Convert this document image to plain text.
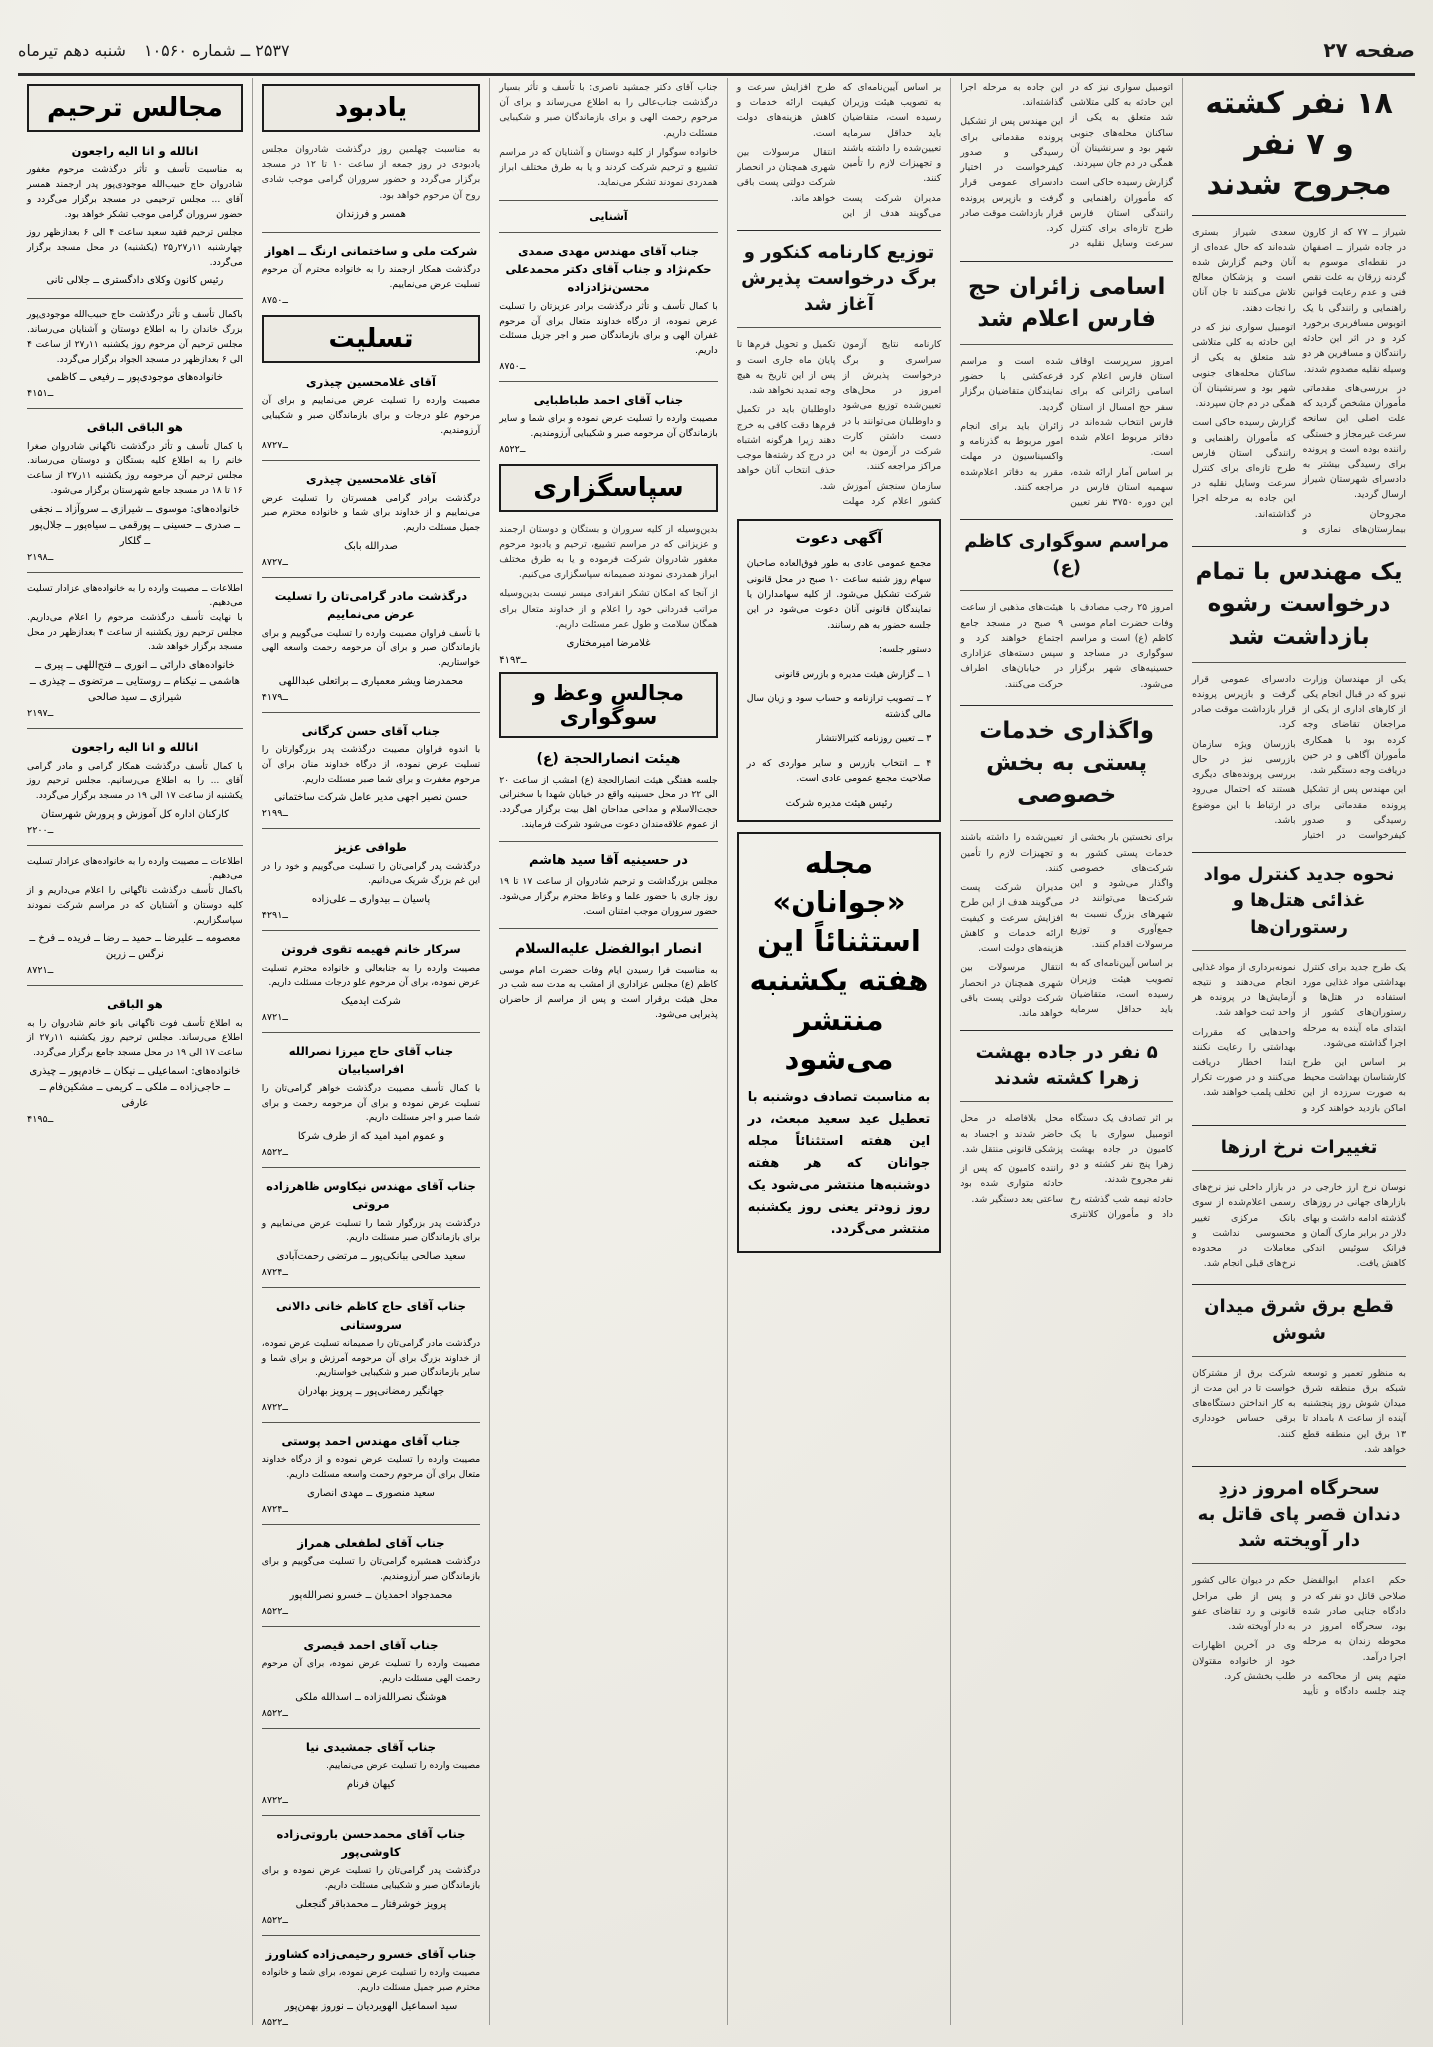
صفحه ۲۷
۲۵۳۷ ــ شماره ۱۰۵۶۰
شنبه دهم تیرماه
۱۸ نفر کشته و ۷ نفر مجروح شدند

شیراز ــ ۷۷ که از کارون در جاده شیراز ــ اصفهان در نقطه‌ای موسوم به گردنه زرقان به علت نقص فنی و عدم رعایت قوانین راهنمایی و رانندگی با یک اتوبوس مسافربری برخورد کرد و در اثر این حادثه رانندگان و مسافرین هر دو وسیله نقلیه مصدوم شدند.

در بررسی‌های مقدماتی مأموران مشخص گردید که علت اصلی این سانحه سرعت غیرمجاز و خستگی راننده بوده است و پرونده برای رسیدگی بیشتر به دادسرای شهرستان شیراز ارسال گردید.

مجروحان در بیمارستان‌های نمازی و سعدی شیراز بستری شده‌اند که حال عده‌ای از آنان وخیم گزارش شده است و پزشکان معالج تلاش می‌کنند تا جان آنان را نجات دهند.

اتومبیل سواری نیز که در این حادثه به کلی متلاشی شد متعلق به یکی از ساکنان محله‌های جنوبی شهر بود و سرنشینان آن همگی در دم جان سپردند.

گزارش رسیده حاکی است که مأموران راهنمایی و رانندگی استان فارس طرح تازه‌ای برای کنترل سرعت وسایل نقلیه در این جاده به مرحله اجرا گذاشته‌اند.

یک مهندس با تمام درخواست رشوه بازداشت شد

یکی از مهندسان وزارت نیرو که در قبال انجام یکی از کارهای اداری از یکی از مراجعان تقاضای وجه کرده بود با همکاری مأموران آگاهی و در حین دریافت وجه دستگیر شد.

این مهندس پس از تشکیل پرونده مقدماتی برای رسیدگی و صدور کیفرخواست در اختیار دادسرای عمومی قرار گرفت و بازپرس پرونده قرار بازداشت موقت صادر کرد.

بازرسان ویژه سازمان بازرسی نیز در حال بررسی پرونده‌های دیگری هستند که احتمال می‌رود در ارتباط با این موضوع باشد.

نحوه جدید کنترل مواد غذائی هتل‌ها و رستوران‌ها

یک طرح جدید برای کنترل بهداشتی مواد غذایی مورد استفاده در هتل‌ها و رستوران‌های کشور از ابتدای ماه آینده به مرحله اجرا گذاشته می‌شود.

بر اساس این طرح کارشناسان بهداشت محیط به صورت سرزده از این اماکن بازدید خواهند کرد و نمونه‌برداری از مواد غذایی انجام می‌دهند و نتیجه آزمایش‌ها در پرونده هر واحد ثبت خواهد شد.

واحدهایی که مقررات بهداشتی را رعایت نکنند ابتدا اخطار دریافت می‌کنند و در صورت تکرار تخلف پلمب خواهند شد.

تغییرات نرخ ارزها

نوسان نرخ ارز خارجی در بازارهای جهانی در روزهای گذشته ادامه داشت و بهای دلار در برابر مارک آلمان و فرانک سوئیس اندکی کاهش یافت.

در بازار داخلی نیز نرخ‌های رسمی اعلام‌شده از سوی بانک مرکزی تغییر محسوسی نداشت و معاملات در محدوده نرخ‌های قبلی انجام شد.

قطع برق شرق میدان شوش

به منظور تعمیر و توسعه شبکه برق منطقه شرق میدان شوش روز پنجشنبه آینده از ساعت ۸ بامداد تا ۱۳ برق این منطقه قطع خواهد شد.

شرکت برق از مشترکان خواست تا در این مدت از به کار انداختن دستگاه‌های برقی حساس خودداری کنند.

سحرگاه امروز دزدِ دندان قصر پای قاتل به دار آویخته شد

حکم اعدام ابوالفضل صلاحی قاتل دو نفر که در دادگاه جنایی صادر شده بود، سحرگاه امروز در محوطه زندان به مرحله اجرا درآمد.

متهم پس از محاکمه در چند جلسه دادگاه و تأیید حکم در دیوان عالی کشور و پس از طی مراحل قانونی و رد تقاضای عفو به دار آویخته شد.

وی در آخرین اظهارات خود از خانواده مقتولان طلب بخشش کرد.

اتومبیل سواری نیز که در این حادثه به کلی متلاشی شد متعلق به یکی از ساکنان محله‌های جنوبی شهر بود و سرنشینان آن همگی در دم جان سپردند.

گزارش رسیده حاکی است که مأموران راهنمایی و رانندگی استان فارس طرح تازه‌ای برای کنترل سرعت وسایل نقلیه در این جاده به مرحله اجرا گذاشته‌اند.

این مهندس پس از تشکیل پرونده مقدماتی برای رسیدگی و صدور کیفرخواست در اختیار دادسرای عمومی قرار گرفت و بازپرس پرونده قرار بازداشت موقت صادر کرد.

اسامی زائران حج فارس اعلام شد

امروز سرپرست اوقاف استان فارس اعلام کرد اسامی زائرانی که برای سفر حج امسال از استان فارس انتخاب شده‌اند در دفاتر مربوط اعلام شده است.

بر اساس آمار ارائه شده، سهمیه استان فارس در این دوره ۳۷۵۰ نفر تعیین شده است و مراسم قرعه‌کشی با حضور نمایندگان متقاضیان برگزار گردید.

زائران باید برای انجام امور مربوط به گذرنامه و واکسیناسیون در مهلت مقرر به دفاتر اعلام‌شده مراجعه کنند.

مراسم سوگواری کاظم (ع)

امروز ۲۵ رجب مصادف با وفات حضرت امام موسی کاظم (ع) است و مراسم سوگواری در مساجد و حسینیه‌های شهر برگزار می‌شود.

هیئت‌های مذهبی از ساعت ۹ صبح در مسجد جامع اجتماع خواهند کرد و سپس دسته‌های عزاداری در خیابان‌های اطراف حرکت می‌کنند.

واگذاری خدمات پستی به بخش خصوصی

برای نخستین بار بخشی از خدمات پستی کشور به شرکت‌های خصوصی واگذار می‌شود و این شرکت‌ها می‌توانند در شهرهای بزرگ نسبت به جمع‌آوری و توزیع مرسولات اقدام کنند.

بر اساس آیین‌نامه‌ای که به تصویب هیئت وزیران رسیده است، متقاضیان باید حداقل سرمایه تعیین‌شده را داشته باشند و تجهیزات لازم را تأمین کنند.

مدیران شرکت پست می‌گویند هدف از این طرح افزایش سرعت و کیفیت ارائه خدمات و کاهش هزینه‌های دولت است.

انتقال مرسولات بین شهری همچنان در انحصار شرکت دولتی پست باقی خواهد ماند.

۵ نفر در جاده بهشت زهرا کشته شدند

بر اثر تصادف یک دستگاه اتومبیل سواری با یک کامیون در جاده بهشت زهرا پنج نفر کشته و دو نفر مجروح شدند.

حادثه نیمه شب گذشته رخ داد و مأموران کلانتری محل بلافاصله در محل حاضر شدند و اجساد به پزشکی قانونی منتقل شد.

راننده کامیون که پس از حادثه متواری شده بود ساعتی بعد دستگیر شد.

بر اساس آیین‌نامه‌ای که به تصویب هیئت وزیران رسیده است، متقاضیان باید حداقل سرمایه تعیین‌شده را داشته باشند و تجهیزات لازم را تأمین کنند.

مدیران شرکت پست می‌گویند هدف از این طرح افزایش سرعت و کیفیت ارائه خدمات و کاهش هزینه‌های دولت است.

انتقال مرسولات بین شهری همچنان در انحصار شرکت دولتی پست باقی خواهد ماند.

توزیع کارنامه کنکور و برگ درخواست پذیرش آغاز شد

کارنامه نتایج آزمون سراسری و برگ درخواست پذیرش از امروز در محل‌های تعیین‌شده توزیع می‌شود و داوطلبان می‌توانند با در دست داشتن کارت شرکت در آزمون به این مراکز مراجعه کنند.

سازمان سنجش آموزش کشور اعلام کرد مهلت تکمیل و تحویل فرم‌ها تا پایان ماه جاری است و پس از این تاریخ به هیچ وجه تمدید نخواهد شد.

داوطلبان باید در تکمیل فرم‌ها دقت کافی به خرج دهند زیرا هرگونه اشتباه در درج کد رشته‌ها موجب حذف انتخاب آنان خواهد شد.

آگهی دعوت

مجمع عمومی عادی به طور فوق‌العاده صاحبان سهام روز شنبه ساعت ۱۰ صبح در محل قانونی شرکت تشکیل می‌شود. از کلیه سهامداران یا نمایندگان قانونی آنان دعوت می‌شود در این جلسه حضور به هم رسانند.

دستور جلسه:

۱ ــ گزارش هیئت مدیره و بازرس قانونی

۲ ــ تصویب ترازنامه و حساب سود و زیان سال مالی گذشته

۳ ــ تعیین روزنامه کثیرالانتشار

۴ ــ انتخاب بازرس و سایر مواردی که در صلاحیت مجمع عمومی عادی است.

رئیس هیئت مدیره شرکت
مجله «جوانان» استثنائاً این هفته یکشنبه منتشر می‌شود
به مناسبت تصادف دوشنبه با تعطیل عید سعید مبعث، در این هفته استثنائاً مجله جوانان که هر هفته دوشنبه‌ها منتشر می‌شود یک روز زودتر یعنی روز یکشنبه منتشر می‌گردد.

جناب آقای دکتر جمشید ناصری: با تأسف و تأثر بسیار درگذشت جناب‌عالی را به اطلاع می‌رساند و برای آن مرحوم رحمت الهی و برای بازماندگان صبر و شکیبایی مسئلت داریم.

خانواده سوگوار از کلیه دوستان و آشنایان که در مراسم تشییع و ترحیم شرکت کردند و یا به طرق مختلف ابراز همدردی نمودند تشکر می‌نماید.

آشنایی
جناب آقای مهندس مهدی صمدی حکم‌نژاد و جناب آقای دکتر محمدعلی محسن‌نژادزاده
با کمال تأسف و تأثر درگذشت برادر عزیزتان را تسلیت عرض نموده، از درگاه خداوند متعال برای آن مرحوم غفران الهی و برای بازماندگان صبر و اجر جزیل مسئلت داریم.
ــ۸۷۵۰
جناب آقای احمد طباطبایی
مصیبت وارده را تسلیت عرض نموده و برای شما و سایر بازماندگان آن مرحومه صبر و شکیبایی آرزومندیم.
ــ۸۵۲۲
سپاسگزاری

بدین‌وسیله از کلیه سروران و بستگان و دوستان ارجمند و عزیزانی که در مراسم تشییع، ترحیم و یادبود مرحوم مغفور شادروان شرکت فرموده و یا به طرق مختلف ابراز همدردی نمودند صمیمانه سپاسگزاری می‌کنیم.

از آنجا که امکان تشکر انفرادی میسر نیست بدین‌وسیله مراتب قدردانی خود را اعلام و از خداوند متعال برای همگان سلامت و طول عمر مسئلت داریم.

غلامرضا امیرمختاری
ــ۴۱۹۳
مجالس وعظ و سوگواری
هیئت انصارالحجة (ع)
جلسه هفتگی هیئت انصارالحجة (ع) امشب از ساعت ۲۰ الی ۲۲ در محل حسینیه واقع در خیابان شهدا با سخنرانی حجت‌الاسلام و مداحی مداحان اهل بیت برگزار می‌گردد. از عموم علاقه‌مندان دعوت می‌شود شرکت فرمایند.
در حسینیه آقا سید هاشم
مجلس بزرگداشت و ترحیم شادروان از ساعت ۱۷ تا ۱۹ روز جاری با حضور علما و وعاظ محترم برگزار می‌شود. حضور سروران موجب امتنان است.
انصار ابوالفضل علیه‌السلام
به مناسبت فرا رسیدن ایام وفات حضرت امام موسی کاظم (ع) مجلس عزاداری از امشب به مدت سه شب در محل هیئت برقرار است و پس از مراسم از حاضران پذیرایی می‌شود.
یادبود

به مناسبت چهلمین روز درگذشت شادروان مجلس یادبودی در روز جمعه از ساعت ۱۰ تا ۱۲ در مسجد برگزار می‌گردد و حضور سروران گرامی موجب شادی روح آن مرحوم خواهد بود.

همسر و فرزندان
شرکت ملی و ساختمانی ارنگ ــ اهواز
درگذشت همکار ارجمند را به خانواده محترم آن مرحوم تسلیت عرض می‌نماییم.
ــ۸۷۵۰
تسلیت
آقای غلامحسین چیذری
مصیبت وارده را تسلیت عرض می‌نماییم و برای آن مرحوم علو درجات و برای بازماندگان صبر و شکیبایی آرزومندیم.
ــ۸۷۲۷
آقای غلامحسین چیذری
درگذشت برادر گرامی همسرتان را تسلیت عرض می‌نماییم و از خداوند برای شما و خانواده محترم صبر جمیل مسئلت داریم.
صدرالله بابک
ــ۸۷۲۷
درگذشت مادر گرامی‌تان را تسلیت عرض می‌نماییم
با تأسف فراوان مصیبت وارده را تسلیت می‌گوییم و برای بازماندگان صبر و برای آن مرحومه رحمت واسعه الهی خواستاریم.
محمدرضا ویشر معمیاری ــ براتعلی عبداللهی
ــ۴۱۷۹
جناب آقای حسن کرگانی
با اندوه فراوان مصیبت درگذشت پدر بزرگوارتان را تسلیت عرض نموده، از درگاه خداوند منان برای آن مرحوم مغفرت و برای شما صبر مسئلت داریم.
حسن نصیر اجهی مدیر عامل شرکت ساختمانی
ــ۲۱۹۹
طوافی عزیز
درگذشت پدر گرامی‌تان را تسلیت می‌گوییم و خود را در این غم بزرگ شریک می‌دانیم.
پاسیان ــ بیدواری ــ علی‌زاده
ــ۴۲۹۱
سرکار خانم فهیمه تقوی فروتن
مصیبت وارده را به جنابعالی و خانواده محترم تسلیت عرض نموده، برای آن مرحوم علو درجات مسئلت داریم.
شرکت ایدمیک
ــ۸۷۲۱
جناب آقای حاج میرزا نصرالله افراسیابیان
با کمال تأسف مصیبت درگذشت خواهر گرامی‌تان را تسلیت عرض نموده و برای آن مرحومه رحمت و برای شما صبر و اجر مسئلت داریم.
و عموم امید امید که از طرف شرکا
ــ۸۵۲۲
جناب آقای مهندس نیکاوس ظاهرزاده مروتی
درگذشت پدر بزرگوار شما را تسلیت عرض می‌نماییم و برای بازماندگان صبر مسئلت داریم.
سعید صالحی ببانکی‌پور ــ مرتضی رحمت‌آبادی
ــ۸۷۲۴
جناب آقای حاج کاظم خانی دالانی سروستانی
درگذشت مادر گرامی‌تان را صمیمانه تسلیت عرض نموده، از خداوند بزرگ برای آن مرحومه آمرزش و برای شما و سایر بازماندگان صبر و شکیبایی خواستاریم.
جهانگیر رمضانی‌پور ــ پرویز بهادران
ــ۸۷۲۲
جناب آقای مهندس احمد پوستی
مصیبت وارده را تسلیت عرض نموده و از درگاه خداوند متعال برای آن مرحوم رحمت واسعه مسئلت داریم.
سعید منصوری ــ مهدی انصاری
ــ۸۷۲۴
جناب آقای لطفعلی همراز
درگذشت همشیره گرامی‌تان را تسلیت می‌گوییم و برای بازماندگان صبر آرزومندیم.
محمدجواد احمدیان ــ خسرو نصرالله‌پور
ــ۸۵۲۲
جناب آقای احمد قیصری
مصیبت وارده را تسلیت عرض نموده، برای آن مرحوم رحمت الهی مسئلت داریم.
هوشنگ نصرالله‌زاده ــ اسدالله ملکی
ــ۸۵۲۲
جناب آقای جمشیدی نیا
مصیبت وارده را تسلیت عرض می‌نماییم.
کیهان فرنام
ــ۸۷۲۲
جناب آقای محمدحسن باروتی‌زاده کاوشی‌پور
درگذشت پدر گرامی‌تان را تسلیت عرض نموده و برای بازماندگان صبر و شکیبایی مسئلت داریم.
پرویز خوشرفتار ــ محمدباقر گنجعلی
ــ۸۵۲۲
جناب آقای خسرو رحیمی‌زاده کشاورز
مصیبت وارده را تسلیت عرض نموده، برای شما و خانواده محترم صبر جمیل مسئلت داریم.
سید اسماعیل الهویردیان ــ نوروز بهمن‌پور
ــ۸۵۲۲
مجالس ترحیم
انالله و انا الیه راجعون
به مناسبت تأسف و تأثر درگذشت مرحوم مغفور شادروان حاج حبیب‌الله موجودی‌پور پدر ارجمند همسر آقای ... مجلس ترحیمی در مسجد برگزار می‌گردد و حضور سروران گرامی موجب تشکر خواهد بود.
مجلس ترحیم فقید سعید ساعت ۴ الی ۶ بعدازظهر روز چهارشنبه ۱۱ر۲۷ر۲۵ (یکشنبه) در محل مسجد برگزار می‌گردد.
رئیس کانون وکلای دادگستری ــ جلالی ثانی
باکمال تأسف و تأثر درگذشت حاج حبیب‌الله موجودی‌پور بزرگ خاندان را به اطلاع دوستان و آشنایان می‌رساند. مجلس ترحیم آن مرحوم روز یکشنبه ۱۱ر۲۷ از ساعت ۴ الی ۶ بعدازظهر در مسجد الجواد برگزار می‌گردد.
خانواده‌های موجودی‌پور ــ رفیعی ــ کاظمی
ــ۴۱۵۱
هو الباقی الباقی
با کمال تأسف و تأثر درگذشت ناگهانی شادروان صغرا خانم را به اطلاع کلیه بستگان و دوستان می‌رساند. مجلس ترحیم آن مرحومه روز یکشنبه ۱۱ر۲۷ از ساعت ۱۶ تا ۱۸ در مسجد جامع شهرستان برگزار می‌شود.
خانواده‌های: موسوی ــ شیرازی ــ سروآزاد ــ نجفی ــ صدری ــ حسینی ــ پورقمی ــ سیاه‌پور ــ جلال‌پور ــ گلکار
ــ۲۱۹۸
اطلاعات ــ مصیبت وارده را به خانواده‌های عزادار تسلیت می‌دهیم.
با نهایت تأسف درگذشت مرحوم را اعلام می‌داریم. مجلس ترحیم روز یکشنبه از ساعت ۴ بعدازظهر در محل مسجد برگزار خواهد شد.
خانواده‌های دارائی ــ انوری ــ فتح‌اللهی ــ پیری ــ هاشمی ــ نیکنام ــ روستایی ــ مرتضوی ــ چیذری ــ شیرازی ــ سید صالحی
ــ۲۱۹۷
انالله و انا الیه راجعون
با کمال تأسف درگذشت همکار گرامی و مادر گرامی آقای ... را به اطلاع می‌رسانیم. مجلس ترحیم روز یکشنبه از ساعت ۱۷ الی ۱۹ در مسجد برگزار می‌گردد.
کارکنان اداره کل آموزش و پرورش شهرستان
ــ۲۲۰۰
اطلاعات ــ مصیبت وارده را به خانواده‌های عزادار تسلیت می‌دهیم.
باکمال تأسف درگذشت ناگهانی را اعلام می‌داریم و از کلیه دوستان و آشنایان که در مراسم شرکت نمودند سپاسگزاریم.
معصومه ــ علیرضا ــ حمید ــ رضا ــ فریده ــ فرخ ــ نرگس ــ زرین
ــ۸۷۲۱
هو الباقی
به اطلاع تأسف فوت ناگهانی بانو خانم شادروان را به اطلاع می‌رساند. مجلس ترحیم روز یکشنبه ۱۱ر۲۷ از ساعت ۱۷ الی ۱۹ در محل مسجد جامع برگزار می‌گردد.
خانواده‌های: اسماعیلی ــ نیکان ــ خادم‌پور ــ چیذری ــ حاجی‌زاده ــ ملکی ــ کریمی ــ مشکین‌فام ــ عارفی
ــ۴۱۹۵
